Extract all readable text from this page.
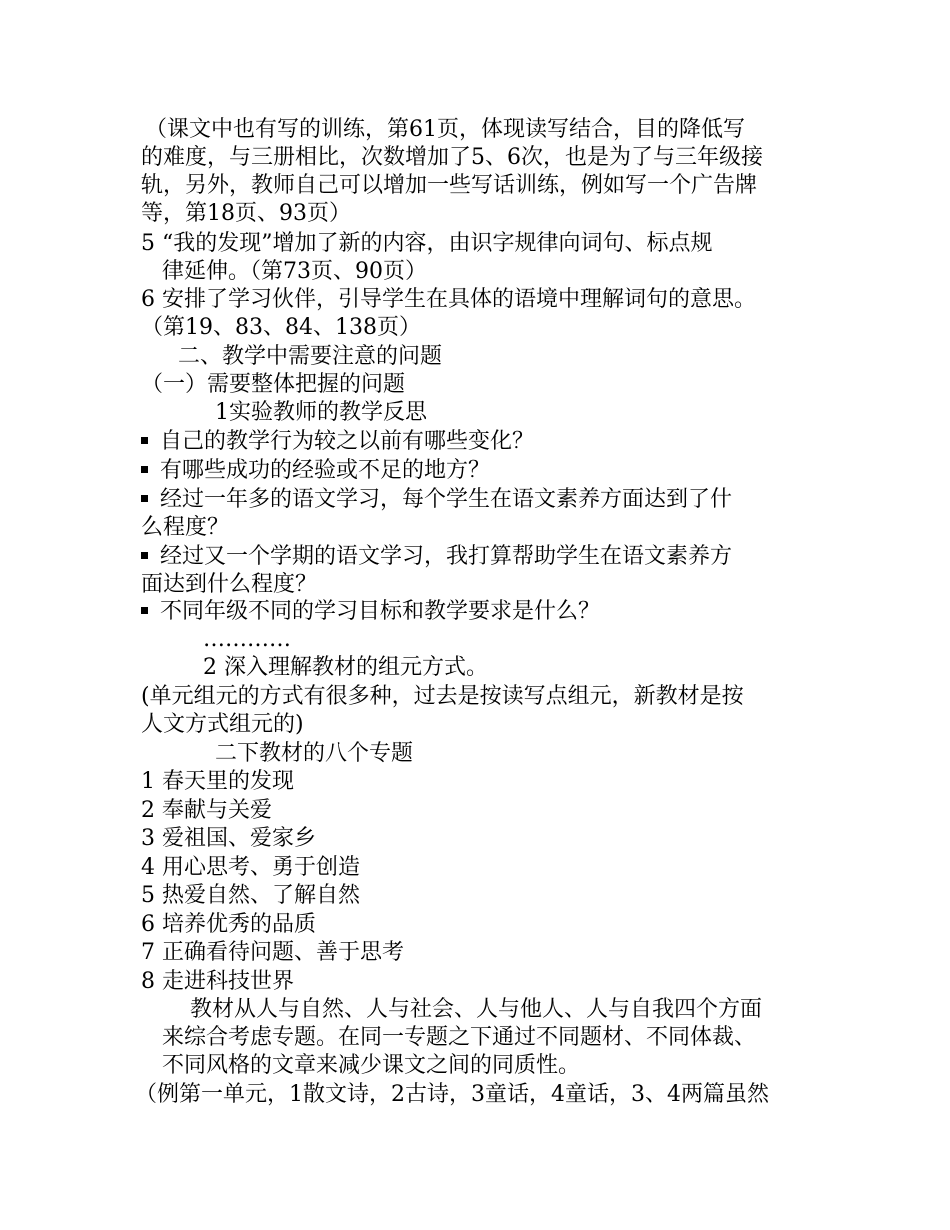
（课文中也有写的训练，第61页，体现读写结合，目的降低写
的难度，与三册相比，次数增加了5、6次，也是为了与三年级接
轨，另外，教师自己可以增加一些写话训练，例如写一个广告牌
等，第18页、93页）
5 “我的发现”增加了新的内容，由识字规律向词句、标点规
律延伸。（第73页、90页）
6 安排了学习伙伴，引导学生在具体的语境中理解词句的意思。
（第19、83、84、138页）
二、教学中需要注意的问题
（一）需要整体把握的问题
1实验教师的教学反思
自己的教学行为较之以前有哪些变化？
有哪些成功的经验或不足的地方？
经过一年多的语文学习，每个学生在语文素养方面达到了什
么程度？
经过又一个学期的语文学习，我打算帮助学生在语文素养方
面达到什么程度？
不同年级不同的学习目标和教学要求是什么？
…………
2 深入理解教材的组元方式。
(单元组元的方式有很多种，过去是按读写点组元，新教材是按
人文方式组元的)
二下教材的八个专题
1 春天里的发现
2 奉献与关爱
3 爱祖国、爱家乡
4 用心思考、勇于创造
5 热爱自然、了解自然
6 培养优秀的品质
7 正确看待问题、善于思考
8 走进科技世界
教材从人与自然、人与社会、人与他人、人与自我四个方面
来综合考虑专题。在同一专题之下通过不同题材、不同体裁、
不同风格的文章来减少课文之间的同质性。
（例第一单元，1散文诗，2古诗，3童话，4童话，3、4两篇虽然
